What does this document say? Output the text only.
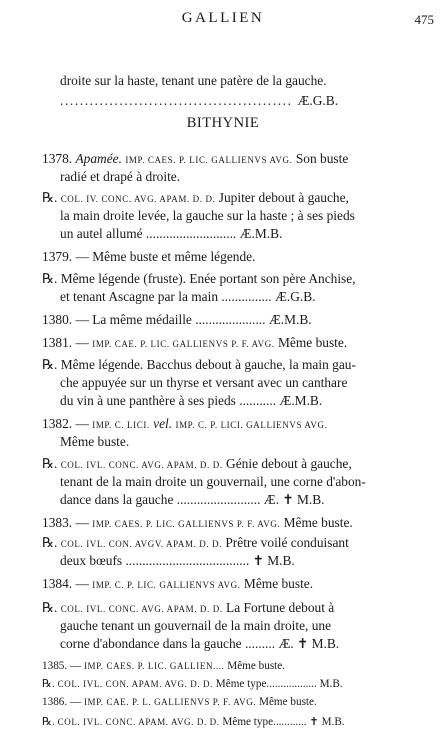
GALLIEN	475
BITHYNIE
droite sur la haste, tenant une patère de la gauche.
............................................... Æ.G.B.
1378. Apamée. IMP. CAES. P. LIC. GALLIENVS AVG. Son buste
radié et drapé à droite.
℞. COL. IV. CONC. AVG. APAM. D. D. Jupiter debout à gauche,
la main droite levée, la gauche sur la haste ; à ses pieds
un autel allumé ........................... Æ.M.B.
1379. — Même buste et même légende.
℞. Même légende (fruste). Enée portant son père Anchise,
et tenant Ascagne par la main ............... Æ.G.B.
1380. — La même médaille ..................... Æ.M.B.
1381. — IMP. CAE. P. LIC. GALLIENVS P. F. AVG. Même buste.
℞. Même légende. Bacchus debout à gauche, la main gau-
che appuyée sur un thyrse et versant avec un canthare
du vin à une panthère à ses pieds ........... Æ.M.B.
1382. — IMP. C. LICI. vel. IMP. C. P. LICI. GALLIENVS AVG.
Même buste.
℞. COL. IVL. CONC. AVG. APAM. D. D. Génie debout à gauche,
tenant de la main droite un gouvernail, une corne d'abon-
dance dans la gauche ......................... Æ. ✝ M.B.
1383. — IMP. CAES. P. LIC. GALLIENVS P. F. AVG. Même buste.
℞. COL. IVL. CON. AVGV. APAM. D. D. Prêtre voilé conduisant
deux bœufs ..................................... ✝ M.B.
1384. — IMP. C. P. LIC. GALLIENVS AVG. Même buste.
℞. COL. IVL. CONC. AVG. APAM. D. D. La Fortune debout à
gauche tenant un gouvernail de la main droite, une
corne d'abondance dans la gauche ......... Æ. ✝ M.B.
1385. — IMP. CAES. P. LIC. GALLIEN.... Même buste.
℞. COL. IVL. CON. APAM. AVG. D. D. Même type.................. M.B.
1386. — IMP. CAE. P. L. GALLIENVS P. F. AVG. Même buste.
℞. COL. IVL. CONC. APAM. AVG. D. D. Même type............ ✝ M.B.
